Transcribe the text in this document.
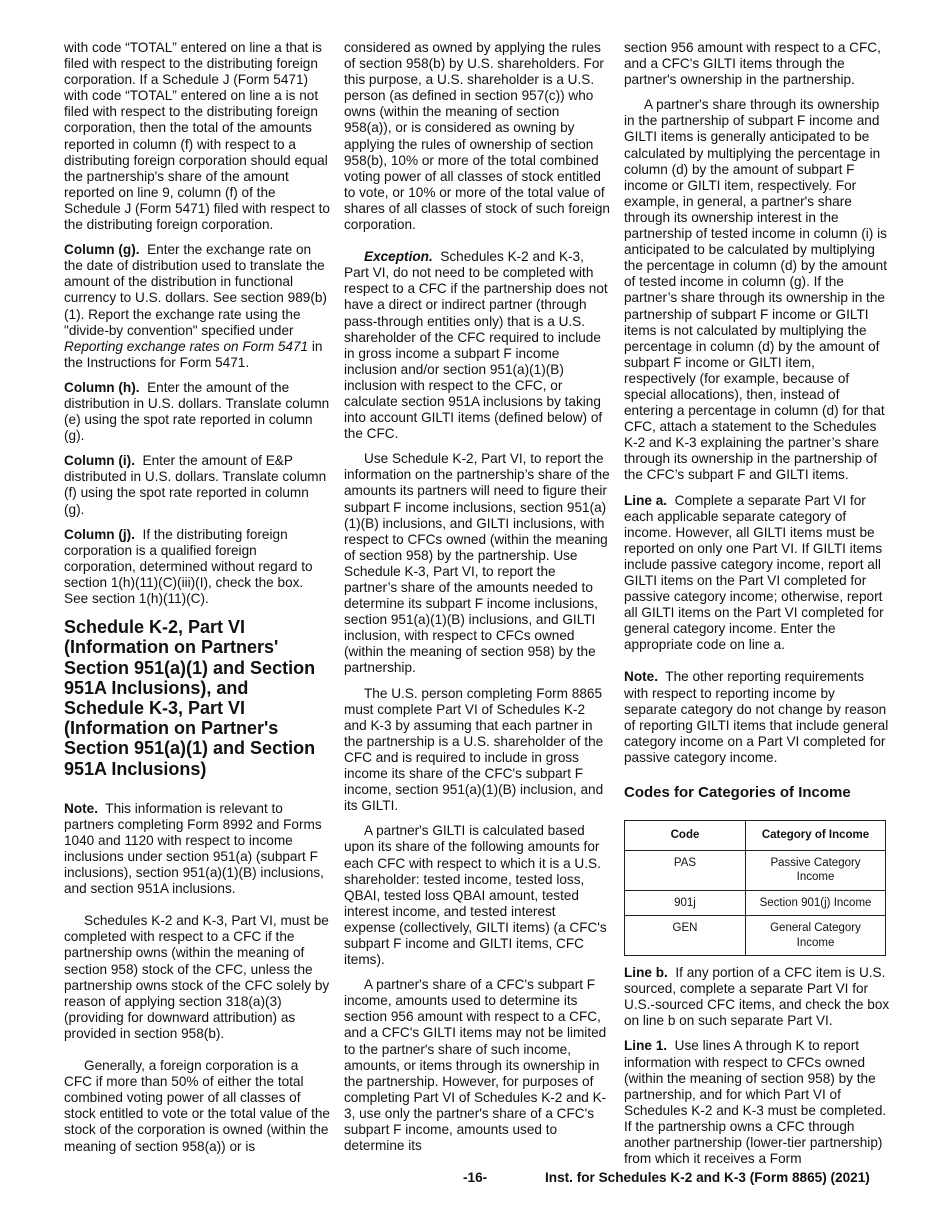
with code “TOTAL” entered on line a that is filed with respect to the distributing foreign corporation. If a Schedule J (Form 5471) with code “TOTAL” entered on line a is not filed with respect to the distributing foreign corporation, then the total of the amounts reported in column (f) with respect to a distributing foreign corporation should equal the partnership's share of the amount reported on line 9, column (f) of the Schedule J (Form 5471) filed with respect to the distributing foreign corporation.

Column (g). Enter the exchange rate on the date of distribution used to translate the amount of the distribution in functional currency to U.S. dollars. See section 989(b)(1). Report the exchange rate using the "divide-by convention" specified under Reporting exchange rates on Form 5471 in the Instructions for Form 5471.

Column (h). Enter the amount of the distribution in U.S. dollars. Translate column (e) using the spot rate reported in column (g).

Column (i). Enter the amount of E&P distributed in U.S. dollars. Translate column (f) using the spot rate reported in column (g).

Column (j). If the distributing foreign corporation is a qualified foreign corporation, determined without regard to section 1(h)(11)(C)(iii)(I), check the box. See section 1(h)(11)(C).

Schedule K-2, Part VI (Information on Partners' Section 951(a)(1) and Section 951A Inclusions), and Schedule K-3, Part VI (Information on Partner's Section 951(a)(1) and Section 951A Inclusions)

Note. This information is relevant to partners completing Form 8992 and Forms 1040 and 1120 with respect to income inclusions under section 951(a) (subpart F inclusions), section 951(a)(1)(B) inclusions, and section 951A inclusions.

Schedules K-2 and K-3, Part VI, must be completed with respect to a CFC if the partnership owns (within the meaning of section 958) stock of the CFC, unless the partnership owns stock of the CFC solely by reason of applying section 318(a)(3) (providing for downward attribution) as provided in section 958(b).

Generally, a foreign corporation is a CFC if more than 50% of either the total combined voting power of all classes of stock entitled to vote or the total value of the stock of the corporation is owned (within the meaning of section 958(a)) or is

considered as owned by applying the rules of section 958(b) by U.S. shareholders. For this purpose, a U.S. shareholder is a U.S. person (as defined in section 957(c)) who owns (within the meaning of section 958(a)), or is considered as owning by applying the rules of ownership of section 958(b), 10% or more of the total combined voting power of all classes of stock entitled to vote, or 10% or more of the total value of shares of all classes of stock of such foreign corporation.

Exception. Schedules K-2 and K-3, Part VI, do not need to be completed with respect to a CFC if the partnership does not have a direct or indirect partner (through pass-through entities only) that is a U.S. shareholder of the CFC required to include in gross income a subpart F income inclusion and/or section 951(a)(1)(B) inclusion with respect to the CFC, or calculate section 951A inclusions by taking into account GILTI items (defined below) of the CFC.

Use Schedule K-2, Part VI, to report the information on the partnership’s share of the amounts its partners will need to figure their subpart F income inclusions, section 951(a)(1)(B) inclusions, and GILTI inclusions, with respect to CFCs owned (within the meaning of section 958) by the partnership. Use Schedule K-3, Part VI, to report the partner’s share of the amounts needed to determine its subpart F income inclusions, section 951(a)(1)(B) inclusions, and GILTI inclusion, with respect to CFCs owned (within the meaning of section 958) by the partnership.

The U.S. person completing Form 8865 must complete Part VI of Schedules K-2 and K-3 by assuming that each partner in the partnership is a U.S. shareholder of the CFC and is required to include in gross income its share of the CFC's subpart F income, section 951(a)(1)(B) inclusion, and its GILTI.

A partner's GILTI is calculated based upon its share of the following amounts for each CFC with respect to which it is a U.S. shareholder: tested income, tested loss, QBAI, tested loss QBAI amount, tested interest income, and tested interest expense (collectively, GILTI items) (a CFC's subpart F income and GILTI items, CFC items).

A partner's share of a CFC's subpart F income, amounts used to determine its section 956 amount with respect to a CFC, and a CFC's GILTI items may not be limited to the partner's share of such income, amounts, or items through its ownership in the partnership. However, for purposes of completing Part VI of Schedules K-2 and K-3, use only the partner's share of a CFC's subpart F income, amounts used to determine its

section 956 amount with respect to a CFC, and a CFC's GILTI items through the partner's ownership in the partnership.

A partner's share through its ownership in the partnership of subpart F income and GILTI items is generally anticipated to be calculated by multiplying the percentage in column (d) by the amount of subpart F income or GILTI item, respectively. For example, in general, a partner's share through its ownership interest in the partnership of tested income in column (i) is anticipated to be calculated by multiplying the percentage in column (d) by the amount of tested income in column (g). If the partner’s share through its ownership in the partnership of subpart F income or GILTI items is not calculated by multiplying the percentage in column (d) by the amount of subpart F income or GILTI item, respectively (for example, because of special allocations), then, instead of entering a percentage in column (d) for that CFC, attach a statement to the Schedules K-2 and K-3 explaining the partner’s share through its ownership in the partnership of the CFC’s subpart F and GILTI items.

Line a. Complete a separate Part VI for each applicable separate category of income. However, all GILTI items must be reported on only one Part VI. If GILTI items include passive category income, report all GILTI items on the Part VI completed for passive category income; otherwise, report all GILTI items on the Part VI completed for general category income. Enter the appropriate code on line a.

Note. The other reporting requirements with respect to reporting income by separate category do not change by reason of reporting GILTI items that include general category income on a Part VI completed for passive category income.

Codes for Categories of Income
Code	Category of Income
PAS	Passive Category Income
901j	Section 901(j) Income
GEN	General Category Income

Line b. If any portion of a CFC item is U.S. sourced, complete a separate Part VI for U.S.-sourced CFC items, and check the box on line b on such separate Part VI.

Line 1. Use lines A through K to report information with respect to CFCs owned (within the meaning of section 958) by the partnership, and for which Part VI of Schedules K-2 and K-3 must be completed. If the partnership owns a CFC through another partnership (lower-tier partnership) from which it receives a Form

-16-	Inst. for Schedules K-2 and K-3 (Form 8865) (2021)
